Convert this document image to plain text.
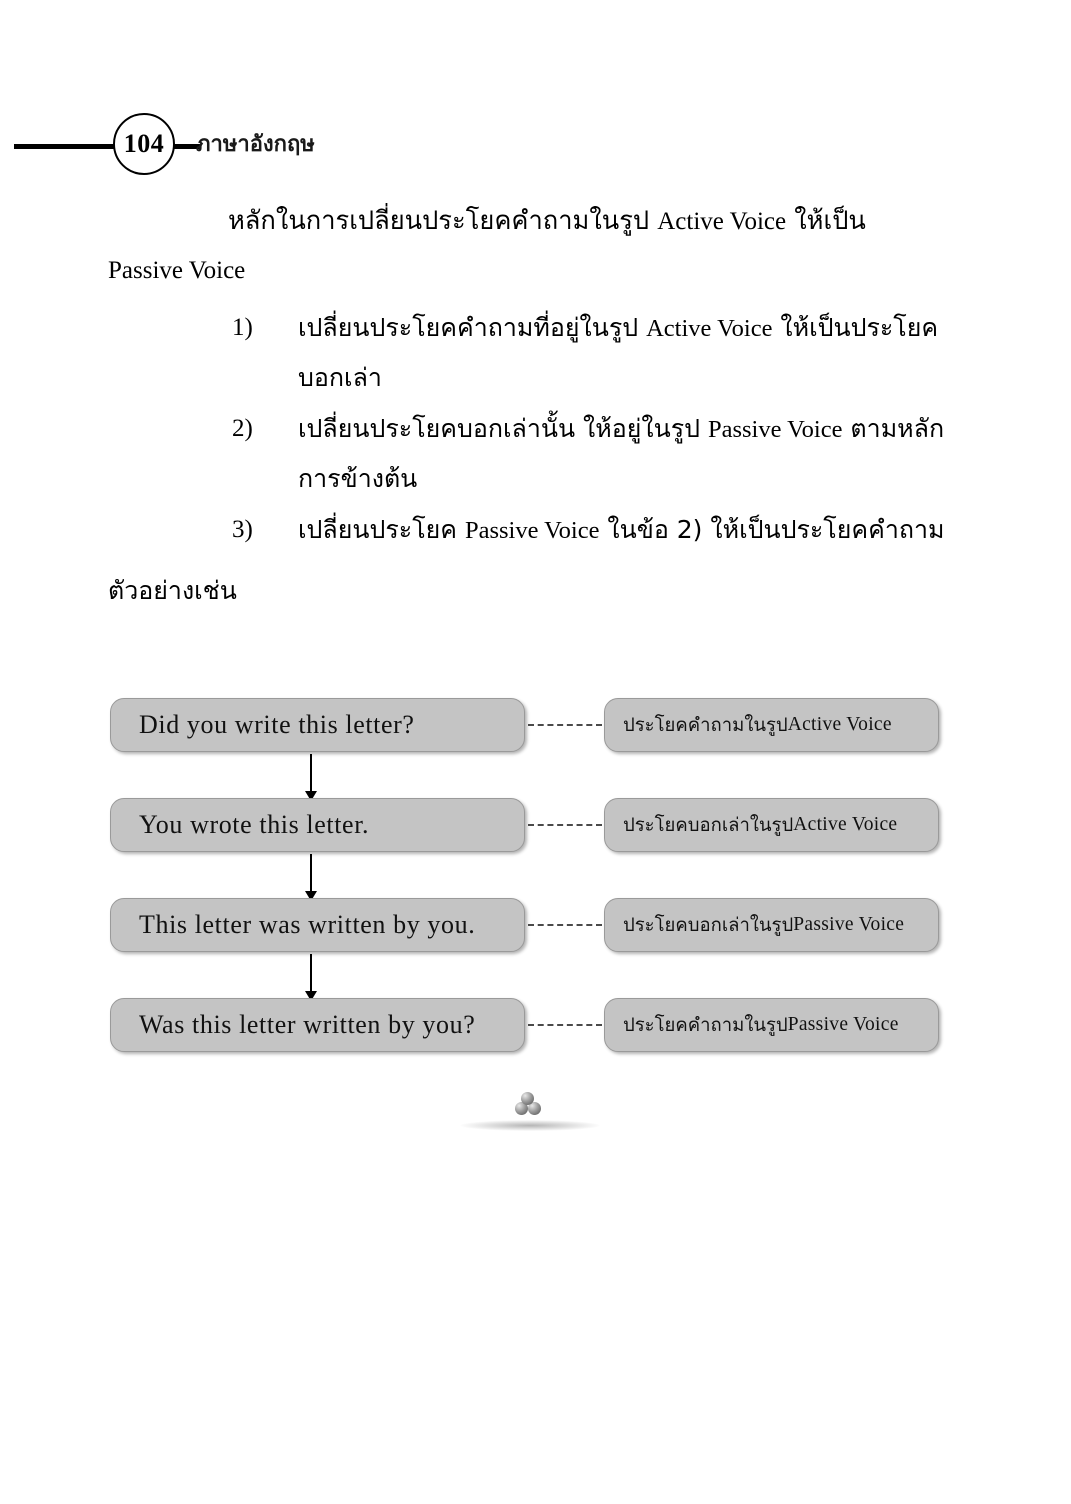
104	ภาษาอังกฤษ

หลักในการเปลี่ยนประโยคคำถามในรูป Active Voice ให้เป็น

Passive Voice

1)	เปลี่ยนประโยคคำถามที่อยู่ในรูป Active Voice ให้เป็นประโยคบอกเล่า
2)	เปลี่ยนประโยคบอกเล่านั้น ให้อยู่ในรูป Passive Voice ตามหลักการข้างต้น
3)	เปลี่ยนประโยค Passive Voice ในข้อ 2) ให้เป็นประโยคคำถาม

ตัวอย่างเช่น

Did you write this letter?	ประโยคคำถามในรูป Active Voice
You wrote this letter.	ประโยคบอกเล่าในรูป Active Voice
This letter was written by you.	ประโยคบอกเล่าในรูป Passive Voice
Was this letter written by you?	ประโยคคำถามในรูป Passive Voice
